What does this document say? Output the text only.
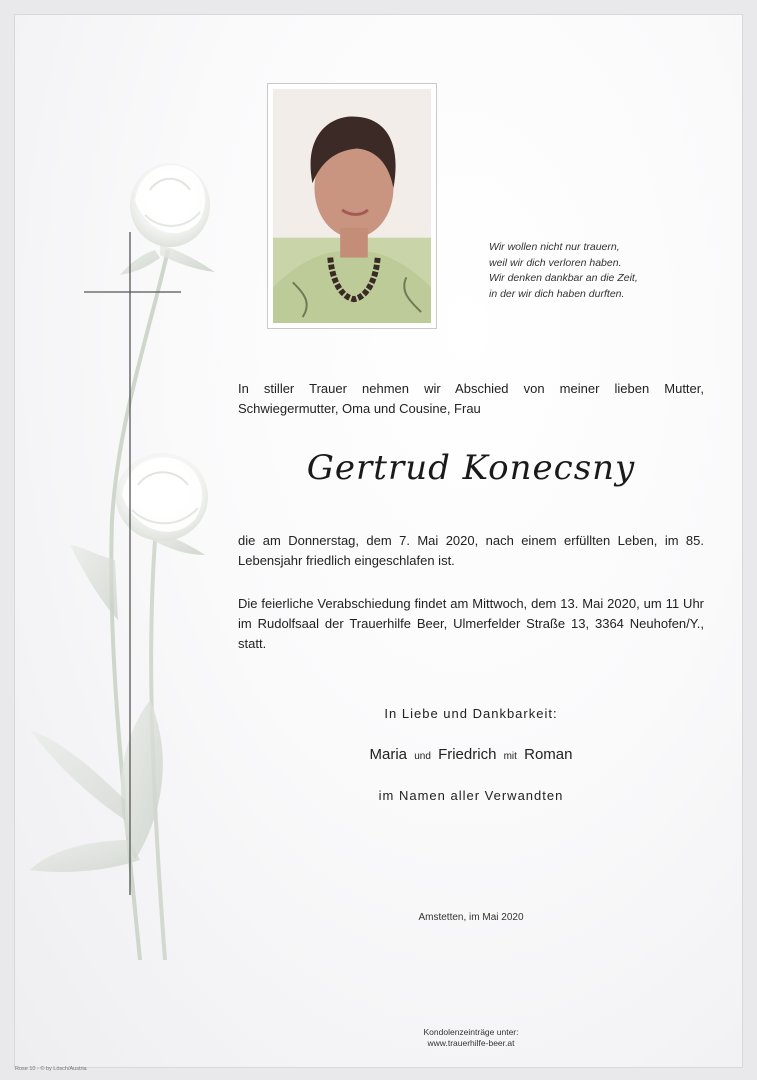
Wir wollen nicht nur trauern,
weil wir dich verloren haben.
Wir denken dankbar an die Zeit,
in der wir dich haben durften.
In stiller Trauer nehmen wir Abschied von meiner lieben Mutter, Schwiegermutter, Oma und Cousine, Frau
Gertrud Konecsny
die am Donnerstag, dem 7. Mai 2020, nach einem erfüllten Leben, im 85. Lebensjahr friedlich eingeschlafen ist.
Die feierliche Verabschiedung findet am Mittwoch, dem 13. Mai 2020, um 11 Uhr im Rudolfsaal der Trauerhilfe Beer, Ulmerfelder Straße 13, 3364 Neuhofen/Y., statt.
In Liebe und Dankbarkeit:
Maria und Friedrich mit Roman
im Namen aller Verwandten
Amstetten, im Mai 2020
Kondolenzeinträge unter:
www.trauerhilfe-beer.at
Rose 10 - © by Lösch/Austria
